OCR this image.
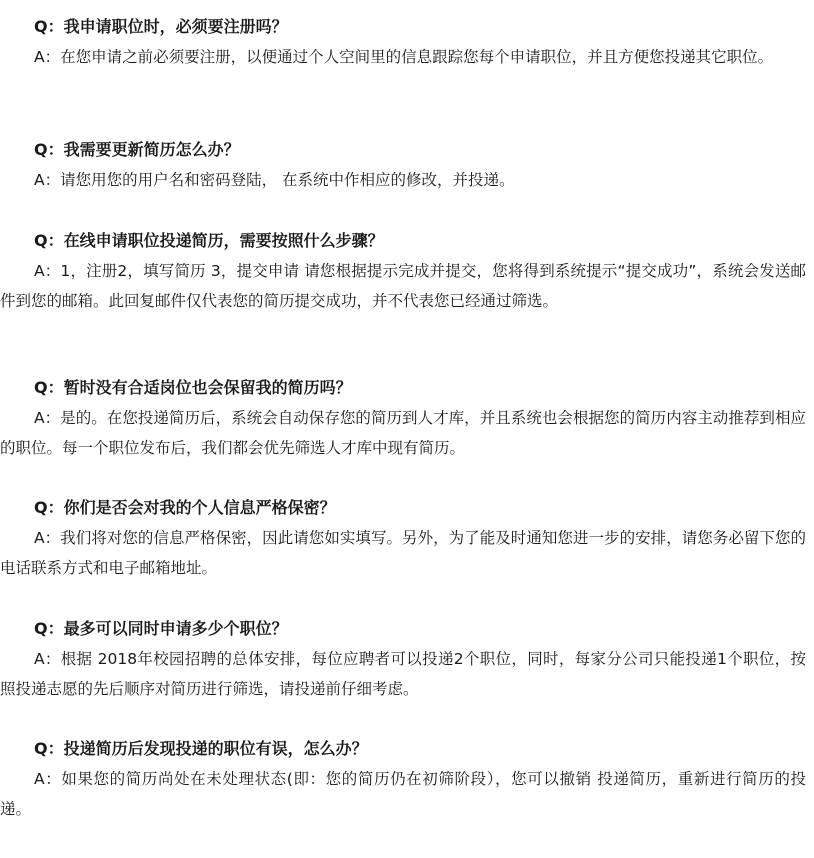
Q：我申请职位时，必须要注册吗？

A：在您申请之前必须要注册，以便通过个人空间里的信息跟踪您每个申请职位，并且方便您投递其它职位。

Q：我需要更新简历怎么办？

A：请您用您的用户名和密码登陆， 在系统中作相应的修改，并投递。

Q：在线申请职位投递简历，需要按照什么步骤？

A：1，注册2，填写简历 3，提交申请 请您根据提示完成并提交，您将得到系统提示“提交成功”，系统会发送邮件到您的邮箱。此回复邮件仅代表您的简历提交成功，并不代表您已经通过筛选。

Q：暂时没有合适岗位也会保留我的简历吗？

A：是的。在您投递简历后，系统会自动保存您的简历到人才库，并且系统也会根据您的简历内容主动推荐到相应的职位。每一个职位发布后，我们都会优先筛选人才库中现有简历。

Q：你们是否会对我的个人信息严格保密？

A：我们将对您的信息严格保密，因此请您如实填写。另外，为了能及时通知您进一步的安排，请您务必留下您的电话联系方式和电子邮箱地址。

Q：最多可以同时申请多少个职位？

A：根据 2018年校园招聘的总体安排，每位应聘者可以投递2个职位，同时，每家分公司只能投递1个职位，按照投递志愿的先后顺序对简历进行筛选，请投递前仔细考虑。

Q：投递简历后发现投递的职位有误，怎么办？

A：如果您的简历尚处在未处理状态(即：您的简历仍在初筛阶段），您可以撤销 投递简历，重新进行简历的投递。
